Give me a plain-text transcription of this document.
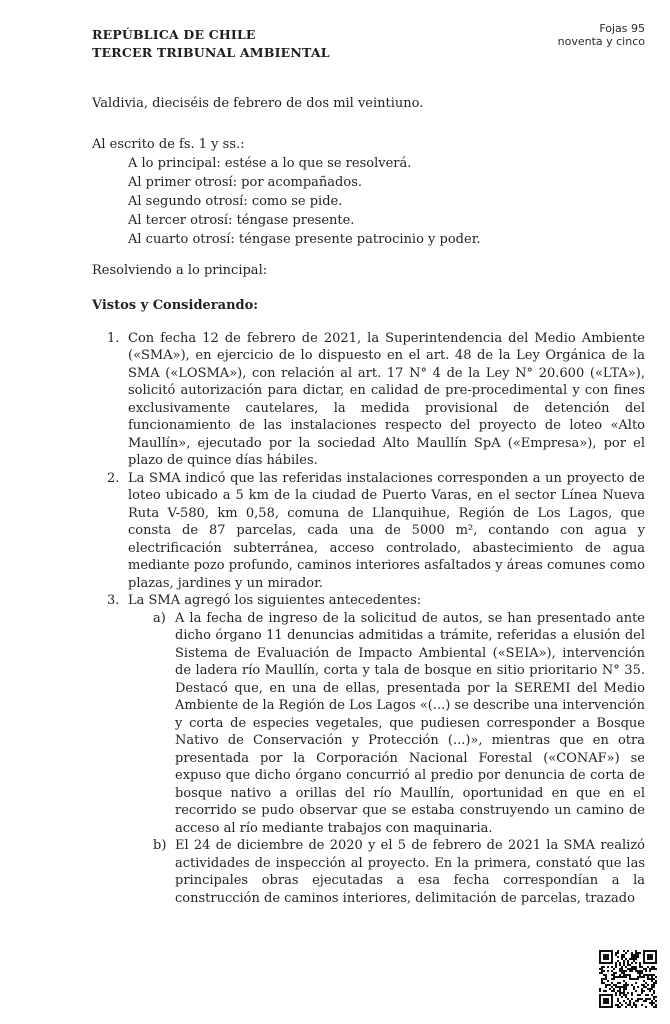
REPÚBLICA DE CHILE
TERCER TRIBUNAL AMBIENTAL
Fojas 95
noventa y cinco
Valdivia, dieciséis de febrero de dos mil veintiuno.
Al escrito de fs. 1 y ss.:
A lo principal: estése a lo que se resolverá.
Al primer otrosí: por acompañados.
Al segundo otrosí: como se pide.
Al tercer otrosí: téngase presente.
Al cuarto otrosí: téngase presente patrocinio y poder.
Resolviendo a lo principal:
Vistos y Considerando:
1. Con fecha 12 de febrero de 2021, la Superintendencia del Medio Ambiente («SMA»), en ejercicio de lo dispuesto en el art. 48 de la Ley Orgánica de la SMA («LOSMA»), con relación al art. 17 N° 4 de la Ley N° 20.600 («LTA»), solicitó autorización para dictar, en calidad de pre-procedimental y con fines exclusivamente cautelares, la medida provisional de detención del funcionamiento de las instalaciones respecto del proyecto de loteo «Alto Maullín», ejecutado por la sociedad Alto Maullín SpA («Empresa»), por el plazo de quince días hábiles.
2. La SMA indicó que las referidas instalaciones corresponden a un proyecto de loteo ubicado a 5 km de la ciudad de Puerto Varas, en el sector Línea Nueva Ruta V-580, km 0,58, comuna de Llanquihue, Región de Los Lagos, que consta de 87 parcelas, cada una de 5000 m², contando con agua y electrificación subterránea, acceso controlado, abastecimiento de agua mediante pozo profundo, caminos interiores asfaltados y áreas comunes como plazas, jardines y un mirador.
3. La SMA agregó los siguientes antecedentes:
a) A la fecha de ingreso de la solicitud de autos, se han presentado ante dicho órgano 11 denuncias admitidas a trámite, referidas a elusión del Sistema de Evaluación de Impacto Ambiental («SEIA»), intervención de ladera río Maullín, corta y tala de bosque en sitio prioritario N° 35. Destacó que, en una de ellas, presentada por la SEREMI del Medio Ambiente de la Región de Los Lagos «(...) se describe una intervención y corta de especies vegetales, que pudiesen corresponder a Bosque Nativo de Conservación y Protección (...)», mientras que en otra presentada por la Corporación Nacional Forestal («CONAF») se expuso que dicho órgano concurrió al predio por denuncia de corta de bosque nativo a orillas del río Maullín, oportunidad en que en el recorrido se pudo observar que se estaba construyendo un camino de acceso al río mediante trabajos con maquinaria.
b) El 24 de diciembre de 2020 y el 5 de febrero de 2021 la SMA realizó actividades de inspección al proyecto. En la primera, constató que las principales obras ejecutadas a esa fecha correspondían a la construcción de caminos interiores, delimitación de parcelas, trazado
